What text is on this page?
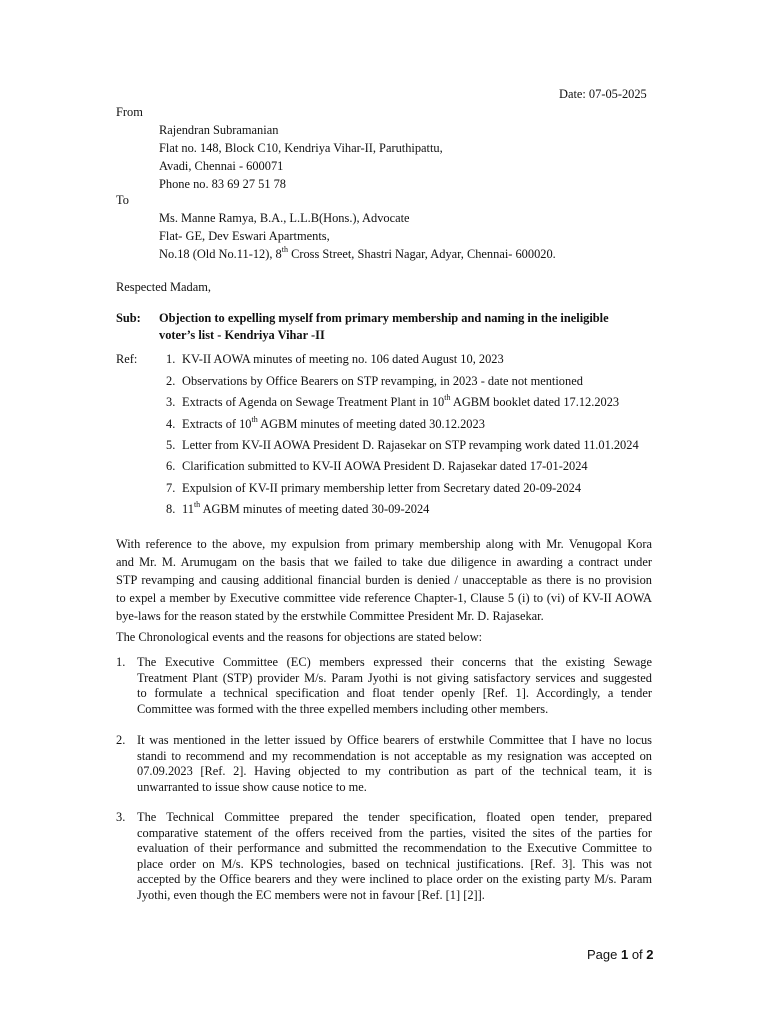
Date: 07-05-2025
From
Rajendran Subramanian
Flat no. 148, Block C10, Kendriya Vihar-II, Paruthipattu,
Avadi, Chennai - 600071
Phone no. 83 69 27 51 78
To
Ms. Manne Ramya, B.A., L.L.B(Hons.), Advocate
Flat- GE, Dev Eswari Apartments,
No.18 (Old No.11-12), 8th Cross Street, Shastri Nagar, Adyar, Chennai- 600020.
Respected Madam,
Sub: Objection to expelling myself from primary membership and naming in the ineligible
voter’s list - Kendriya Vihar -II
Ref: 1. KV-II AOWA minutes of meeting no. 106 dated August 10, 2023
2. Observations by Office Bearers on STP revamping, in 2023 - date not mentioned
3. Extracts of Agenda on Sewage Treatment Plant in 10th AGBM booklet dated 17.12.2023
4. Extracts of 10th AGBM minutes of meeting dated 30.12.2023
5. Letter from KV-II AOWA President D. Rajasekar on STP revamping work dated 11.01.2024
6. Clarification submitted to KV-II AOWA President D. Rajasekar dated 17-01-2024
7. Expulsion of KV-II primary membership letter from Secretary dated 20-09-2024
8. 11th AGBM minutes of meeting dated 30-09-2024
With reference to the above, my expulsion from primary membership along with Mr. Venugopal Kora
and Mr. M. Arumugam on the basis that we failed to take due diligence in awarding a contract under
STP revamping and causing additional financial burden is denied / unacceptable as there is no provision
to expel a member by Executive committee vide reference Chapter-1, Clause 5 (i) to (vi) of KV-II AOWA
bye-laws for the reason stated by the erstwhile Committee President Mr. D. Rajasekar.
The Chronological events and the reasons for objections are stated below:
1. The Executive Committee (EC) members expressed their concerns that the existing Sewage
Treatment Plant (STP) provider M/s. Param Jyothi is not giving satisfactory services and suggested
to formulate a technical specification and float tender openly [Ref. 1]. Accordingly, a tender
Committee was formed with the three expelled members including other members.
2. It was mentioned in the letter issued by Office bearers of erstwhile Committee that I have no locus
standi to recommend and my recommendation is not acceptable as my resignation was accepted on
07.09.2023 [Ref. 2]. Having objected to my contribution as part of the technical team, it is
unwarranted to issue show cause notice to me.
3. The Technical Committee prepared the tender specification, floated open tender, prepared
comparative statement of the offers received from the parties, visited the sites of the parties for
evaluation of their performance and submitted the recommendation to the Executive Committee to
place order on M/s. KPS technologies, based on technical justifications. [Ref. 3]. This was not
accepted by the Office bearers and they were inclined to place order on the existing party M/s. Param
Jyothi, even though the EC members were not in favour [Ref. [1] [2]].
Page 1 of 2
